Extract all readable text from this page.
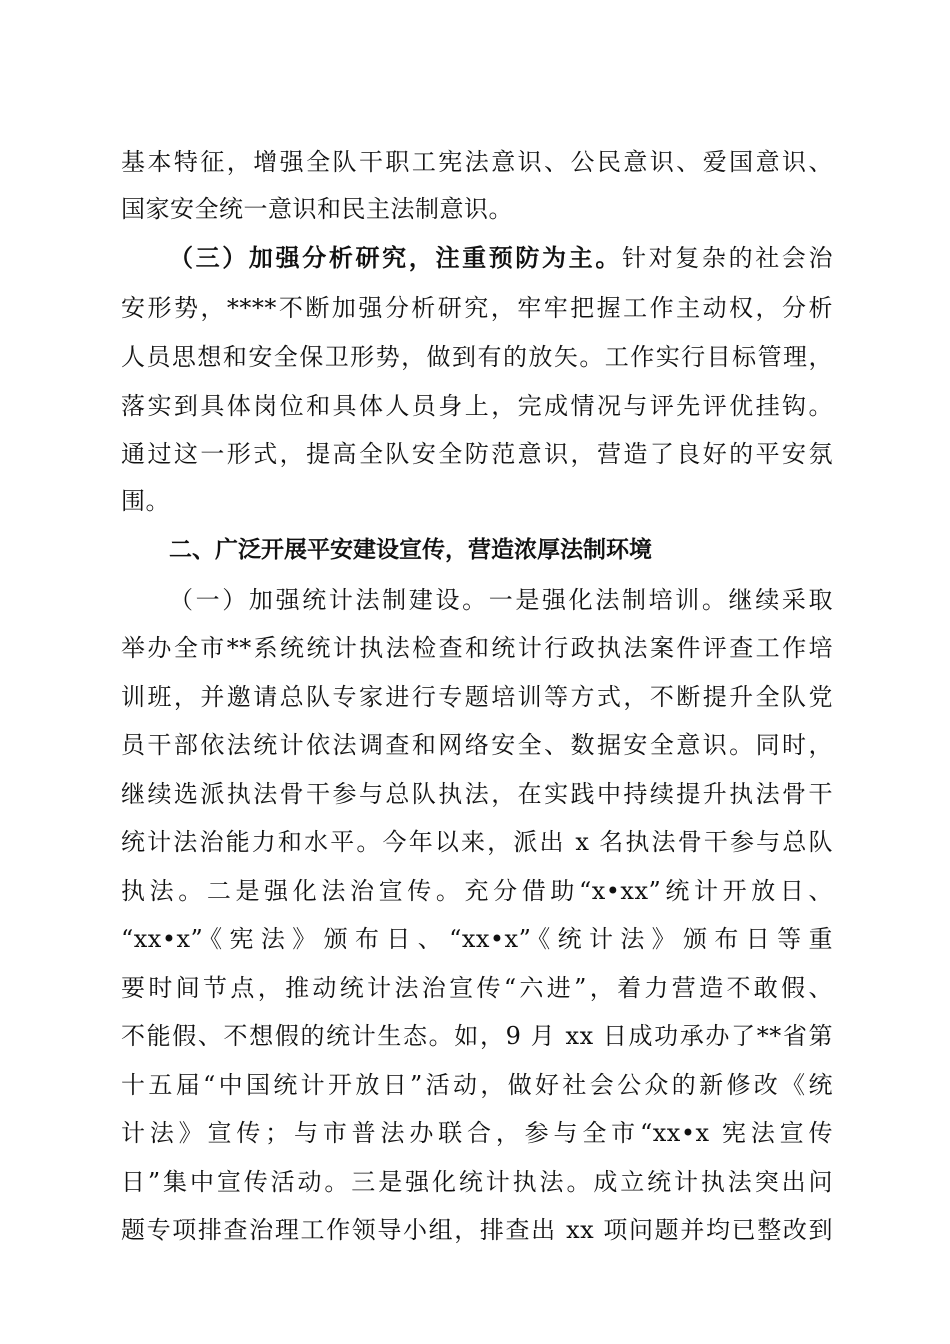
基本特征，增强全队干职工宪法意识、公民意识、爱国意识、
国家安全统一意识和民主法制意识。
（三）加强分析研究，注重预防为主。针对复杂的社会治
安形势，****不断加强分析研究，牢牢把握工作主动权，分析
人员思想和安全保卫形势，做到有的放矢。工作实行目标管理，
落实到具体岗位和具体人员身上，完成情况与评先评优挂钩。
通过这一形式，提高全队安全防范意识，营造了良好的平安氛
围。
二、广泛开展平安建设宣传，营造浓厚法制环境
（一）加强统计法制建设。一是强化法制培训。继续采取
举办全市**系统统计执法检查和统计行政执法案件评查工作培
训班，并邀请总队专家进行专题培训等方式，不断提升全队党
员干部依法统计依法调查和网络安全、数据安全意识。同时，
继续选派执法骨干参与总队执法，在实践中持续提升执法骨干
统计法治能力和水平。今年以来，派出 x 名执法骨干参与总队
执法。二是强化法治宣传。充分借助“x•xx”统计开放日、
“xx•x”《宪法》颁布日、“xx•x”《统计法》颁布日等重
要时间节点，推动统计法治宣传“六进”，着力营造不敢假、
不能假、不想假的统计生态。如，9 月 xx 日成功承办了**省第
十五届“中国统计开放日”活动，做好社会公众的新修改《统
计法》宣传；与市普法办联合，参与全市“xx•x 宪法宣传
日”集中宣传活动。三是强化统计执法。成立统计执法突出问
题专项排查治理工作领导小组，排查出 xx 项问题并均已整改到
